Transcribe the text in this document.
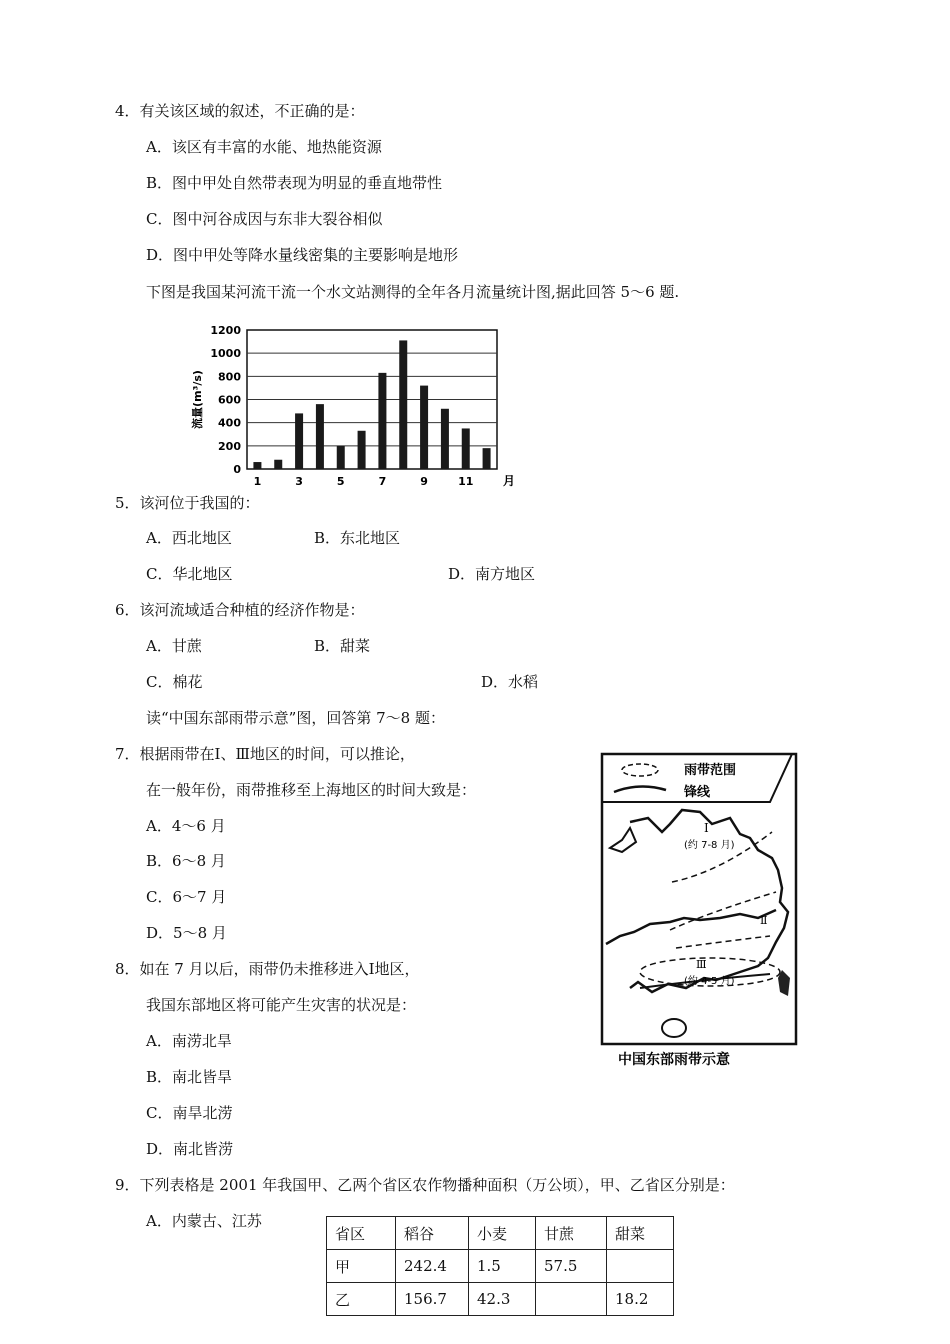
4．有关该区域的叙述，不正确的是：
A．该区有丰富的水能、地热能资源
B．图中甲处自然带表现为明显的垂直地带性
C．图中河谷成因与东非大裂谷相似
D．图中甲处等降水量线密集的主要影响是地形
下图是我国某河流干流一个水文站测得的全年各月流量统计图,据此回答 5～6 题.
0
200
400
600
800
1000
1200
1	3	5	7	9	11 月
流量(m³/s)
5．该河位于我国的：
A．西北地区	B．东北地区
C．华北地区	D．南方地区
6．该河流域适合种植的经济作物是：
A．甘蔗	B．甜菜
C．棉花	D．水稻
读“中国东部雨带示意”图，回答第 7～8 题：
7．根据雨带在Ⅰ、Ⅲ地区的时间，可以推论，
在一般年份，雨带推移至上海地区的时间大致是：
A．4～6 月
B．6～8 月
C．6～7 月
D．5～8 月
雨带范围
锋线
Ⅰ
(约 7-8 月)
Ⅱ
Ⅲ
(约 4-5 月)
中国东部雨带示意
8．如在 7 月以后，雨带仍未推移进入Ⅰ地区，
我国东部地区将可能产生灾害的状况是：
A．南涝北旱
B．南北皆旱
C．南旱北涝
D．南北皆涝
9．下列表格是 2001 年我国甲、乙两个省区农作物播种面积（万公顷），甲、乙省区分别是：
A．内蒙古、江苏
省区	稻谷	小麦	甘蔗	甜菜
甲	242.4	1.5	57.5	
乙	156.7	42.3		18.2
